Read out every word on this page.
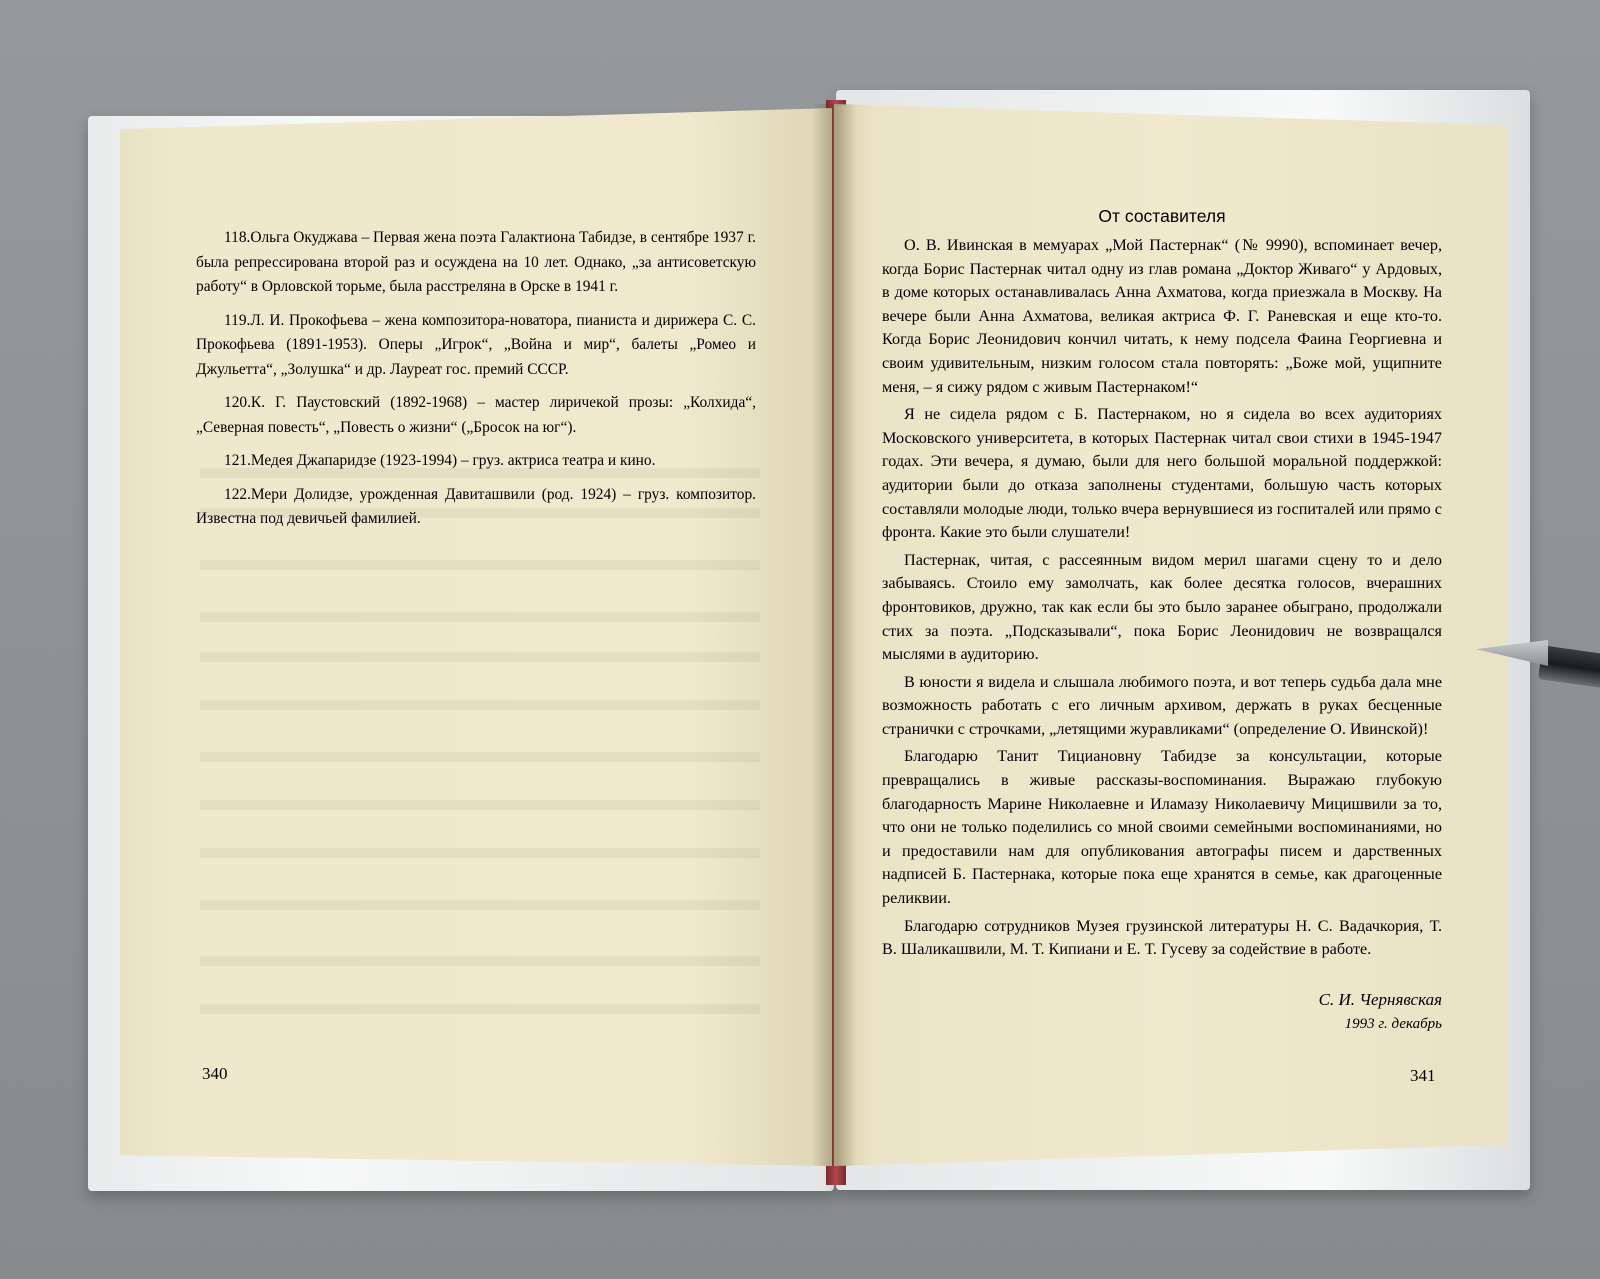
118.Ольга Окуджава – Первая жена поэта Галактиона Табидзе, в сентябре 1937 г. была репрессирована второй раз и осуждена на 10 лет. Однако, „за антисоветскую работу“ в Орловской торьме, была расстреляна в Орске в 1941 г.

119.Л. И. Прокофьева – жена композитора-новатора, пианиста и дирижера С. С. Прокофьева (1891-1953). Оперы „Игрок“, „Война и мир“, балеты „Ромео и Джульетта“, „Золушка“ и др. Лауреат гос. премий СССР.

120.К. Г. Паустовский (1892-1968) – мастер лиричекой прозы: „Колхида“, „Северная повесть“, „Повесть о жизни“ („Бросок на юг“).

121.Медея Джапаридзе (1923-1994) – груз. актриса театра и кино.

122.Мери Долидзе, урожденная Давиташвили (род. 1924) – груз. композитор. Известна под девичьей фамилией.

340
От составителя

О. В. Ивинская в мемуарах „Мой Пастернак“ (№ 9990), вспоминает вечер, когда Борис Пастернак читал одну из глав романа „Доктор Живаго“ у Ардовых, в доме которых останавливалась Анна Ахматова, когда приезжала в Москву. На вечере были Анна Ахматова, великая актриса Ф. Г. Раневская и еще кто-то. Когда Борис Леонидович кончил читать, к нему подсела Фаина Георгиевна и своим удивительным, низким голосом стала повторять: „Боже мой, ущипните меня, – я сижу рядом с живым Пастернаком!“

Я не сидела рядом с Б. Пастернаком, но я сидела во всех аудиториях Московского университета, в которых Пастернак читал свои стихи в 1945-1947 годах. Эти вечера, я думаю, были для него большой моральной поддержкой: аудитории были до отказа заполнены студентами, большую часть которых составляли молодые люди, только вчера вернувшиеся из госпиталей или прямо с фронта. Какие это были слушатели!

Пастернак, читая, с рассеянным видом мерил шагами сцену то и дело забываясь. Стоило ему замолчать, как более десятка голосов, вчерашних фронтовиков, дружно, так как если бы это было заранее обыграно, продолжали стих за поэта. „Подсказывали“, пока Борис Леонидович не возвращался мыслями в аудиторию.

В юности я видела и слышала любимого поэта, и вот теперь судьба дала мне возможность работать с его личным архивом, держать в руках бесценные странички с строчками, „летящими журавликами“ (определение О. Ивинской)!

Благодарю Танит Тициановну Табидзе за консультации, которые превращались в живые рассказы-воспоминания. Выражаю глубокую благодарность Марине Николаевне и Иламазу Николаевичу Мицишвили за то, что они не только поделились со мной своими семейными воспоминаниями, но и предоставили нам для опубликования автографы писем и дарственных надписей Б. Пастернака, которые пока еще хранятся в семье, как драгоценные реликвии.

Благодарю сотрудников Музея грузинской литературы Н. С. Вадачкория, Т. В. Шаликашвили, М. Т. Кипиани и Е. Т. Гусеву за содействие в работе.

С. И. Чернявская
1993 г. декабрь
341
